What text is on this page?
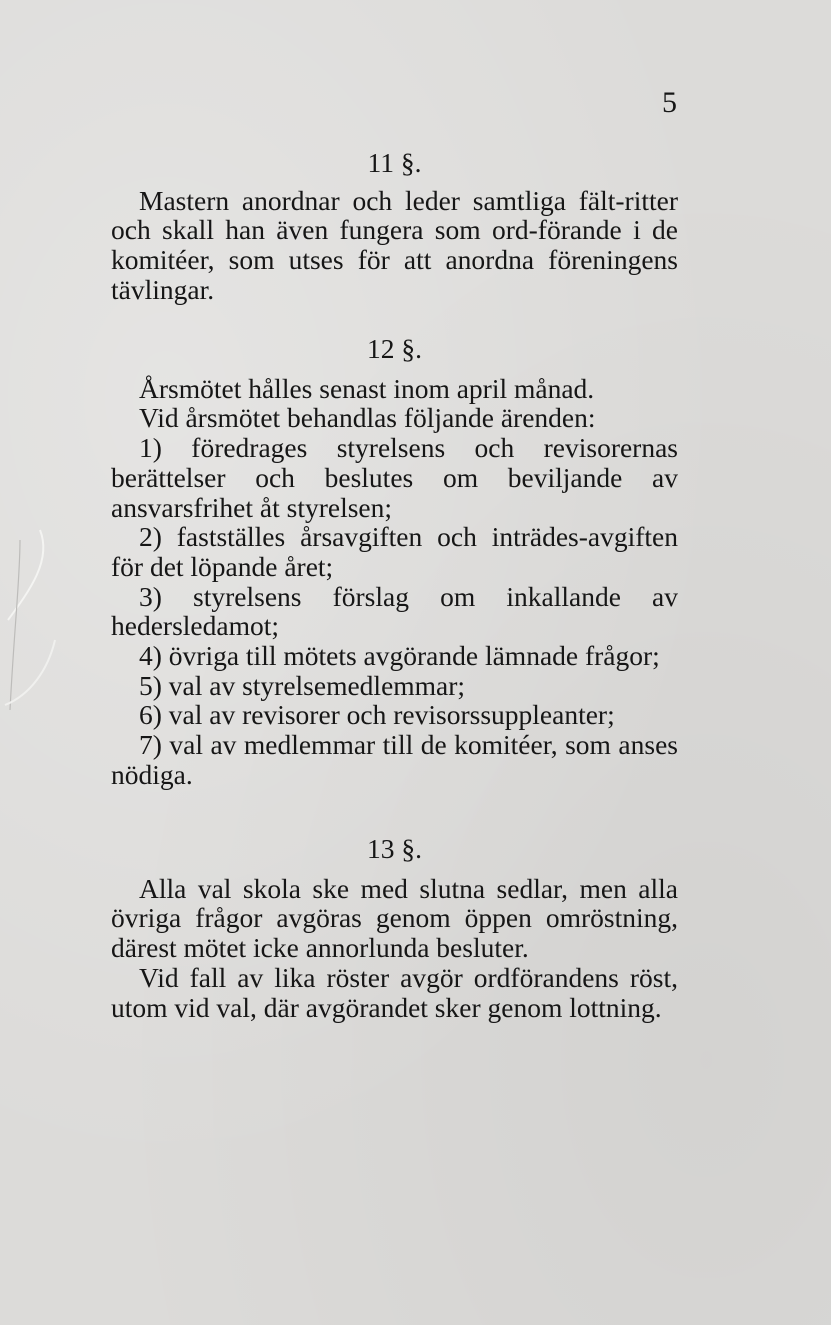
5

11 §.

Mastern anordnar och leder samtliga fält-ritter och skall han även fungera som ord-förande i de komitéer, som utses för att anordna föreningens tävlingar.

12 §.

Årsmötet hålles senast inom april månad.

Vid årsmötet behandlas följande ärenden:

1) föredrages styrelsens och revisorernas berättelser och beslutes om beviljande av ansvarsfrihet åt styrelsen;

2) fastställes årsavgiften och inträdes-avgiften för det löpande året;

3) styrelsens förslag om inkallande av hedersledamot;

4) övriga till mötets avgörande lämnade frågor;

5) val av styrelsemedlemmar;

6) val av revisorer och revisorssuppleanter;

7) val av medlemmar till de komitéer, som anses nödiga.

13 §.

Alla val skola ske med slutna sedlar, men alla övriga frågor avgöras genom öppen omröstning, därest mötet icke annorlunda besluter.

Vid fall av lika röster avgör ordförandens röst, utom vid val, där avgörandet sker genom lottning.
